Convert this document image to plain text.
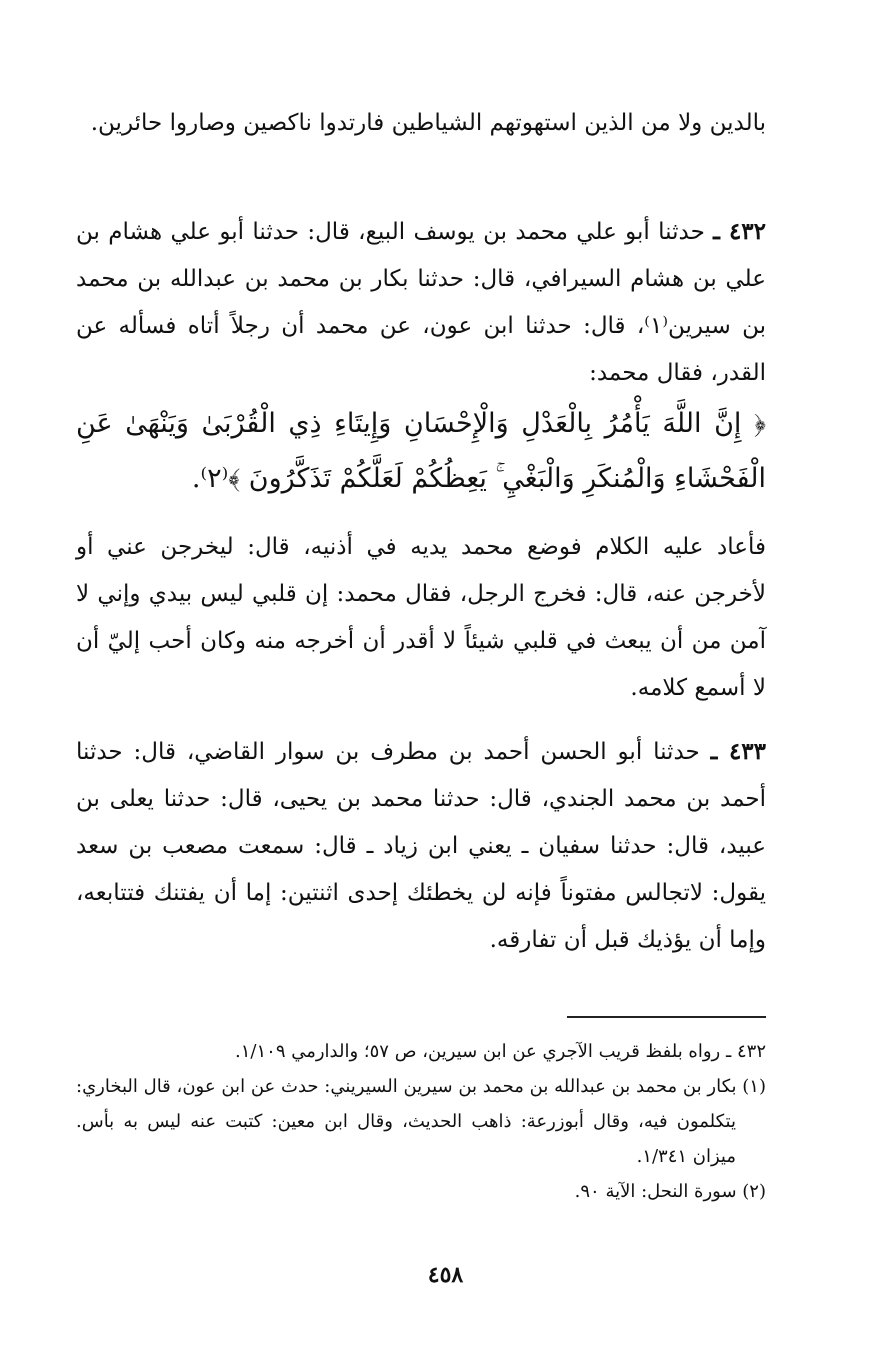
بالدين ولا من الذين استهوتهم الشياطين فارتدوا ناكصين وصاروا حائرين.

٤٣٢ ـ حدثنا أبو علي محمد بن يوسف البيع، قال: حدثنا أبو علي هشام بن علي بن هشام السيرافي، قال: حدثنا بكار بن محمد بن عبدالله بن محمد بن سيرين⁽١⁾، قال: حدثنا ابن عون، عن محمد أن رجلاً أتاه فسأله عن القدر، فقال محمد:

﴿ إِنَّ اللَّهَ يَأْمُرُ بِالْعَدْلِ وَالْإِحْسَانِ وَإِيتَاءِ ذِي الْقُرْبَىٰ وَيَنْهَىٰ عَنِ الْفَحْشَاءِ وَالْمُنكَرِ وَالْبَغْيِ ۚ يَعِظُكُمْ لَعَلَّكُمْ تَذَكَّرُونَ ﴾⁽٢⁾.

فأعاد عليه الكلام فوضع محمد يديه في أذنيه، قال: ليخرجن عني أو لأخرجن عنه، قال: فخرج الرجل، فقال محمد: إن قلبي ليس بيدي وإني لا آمن من أن يبعث في قلبي شيئاً لا أقدر أن أخرجه منه وكان أحب إليّ أن لا أسمع كلامه.

٤٣٣ ـ حدثنا أبو الحسن أحمد بن مطرف بن سوار القاضي، قال: حدثنا أحمد بن محمد الجندي، قال: حدثنا محمد بن يحيى، قال: حدثنا يعلى بن عبيد، قال: حدثنا سفيان ـ يعني ابن زياد ـ قال: سمعت مصعب بن سعد يقول: لاتجالس مفتوناً فإنه لن يخطئك إحدى اثنتين: إما أن يفتنك فتتابعه، وإما أن يؤذيك قبل أن تفارقه.

٤٣٢ ـ رواه بلفظ قريب الآجري عن ابن سيرين، ص ٥٧؛ والدارمي ١/١٠٩.

(١) بكار بن محمد بن عبدالله بن محمد بن سيرين السيريني: حدث عن ابن عون، قال البخاري: يتكلمون فيه، وقال أبوزرعة: ذاهب الحديث، وقال ابن معين: كتبت عنه ليس به بأس. ميزان ١/٣٤١.

(٢) سورة النحل: الآية ٩٠.

٤٥٨
